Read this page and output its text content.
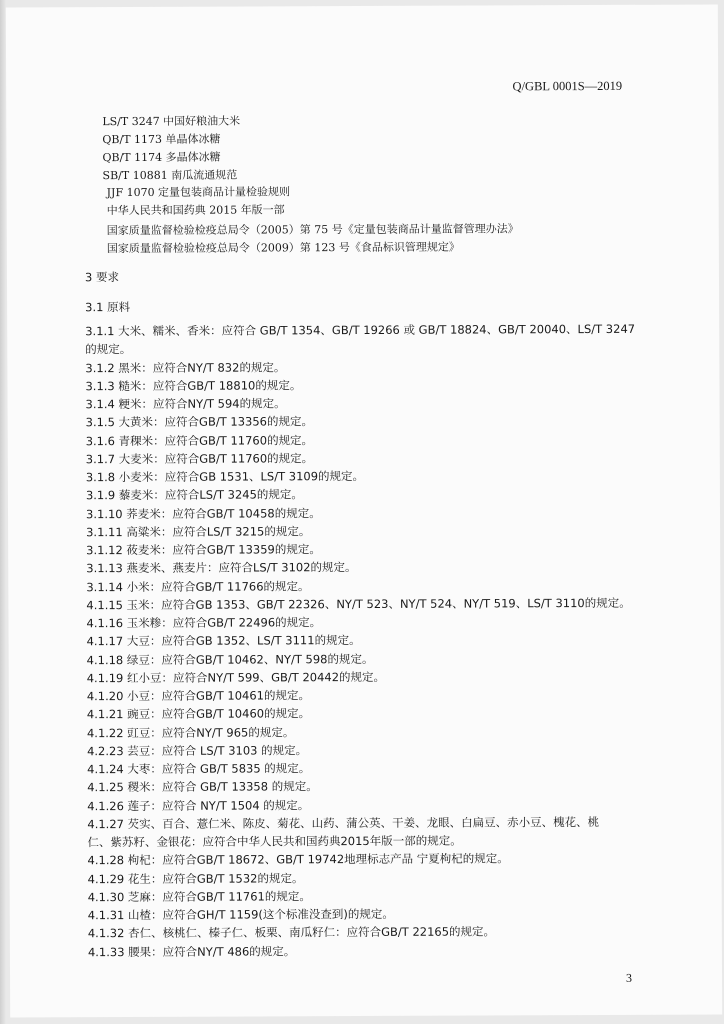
Q/GBL 0001S—2019
LS/T 3247 中国好粮油大米
QB/T 1173 单晶体冰糖
QB/T 1174 多晶体冰糖
SB/T 10881 南瓜流通规范
JJF 1070 定量包装商品计量检验规则
中华人民共和国药典 2015 年版一部
国家质量监督检验检疫总局令（2005）第 75 号《定量包装商品计量监督管理办法》
国家质量监督检验检疫总局令（2009）第 123 号《食品标识管理规定》
3 要求
3.1 原料
3.1.1 大米、糯米、香米：应符合 GB/T 1354、GB/T 19266 或 GB/T 18824、GB/T 20040、LS/T 3247
的规定。
3.1.2 黑米：应符合NY/T 832的规定。
3.1.3 糙米：应符合GB/T 18810的规定。
3.1.4 粳米：应符合NY/T 594的规定。
3.1.5 大黄米：应符合GB/T 13356的规定。
3.1.6 青稞米：应符合GB/T 11760的规定。
3.1.7 大麦米：应符合GB/T 11760的规定。
3.1.8 小麦米：应符合GB 1531、LS/T 3109的规定。
3.1.9 藜麦米：应符合LS/T 3245的规定。
3.1.10 荞麦米：应符合GB/T 10458的规定。
3.1.11 高粱米：应符合LS/T 3215的规定。
3.1.12 莜麦米：应符合GB/T 13359的规定。
3.1.13 燕麦米、燕麦片：应符合LS/T 3102的规定。
3.1.14 小米：应符合GB/T 11766的规定。
4.1.15 玉米：应符合GB 1353、GB/T 22326、NY/T 523、NY/T 524、NY/T 519、LS/T 3110的规定。
4.1.16 玉米糁：应符合GB/T 22496的规定。
4.1.17 大豆：应符合GB 1352、LS/T 3111的规定。
4.1.18 绿豆：应符合GB/T 10462、NY/T 598的规定。
4.1.19 红小豆：应符合NY/T 599、GB/T 20442的规定。
4.1.20 小豆：应符合GB/T 10461的规定。
4.1.21 豌豆：应符合GB/T 10460的规定。
4.1.22 豇豆：应符合NY/T 965的规定。
4.2.23 芸豆：应符合 LS/T 3103 的规定。
4.1.24 大枣：应符合 GB/T 5835 的规定。
4.1.25 稷米：应符合 GB/T 13358 的规定。
4.1.26 莲子：应符合 NY/T 1504 的规定。
4.1.27 芡实、百合、薏仁米、陈皮、菊花、山药、蒲公英、干姜、龙眼、白扁豆、赤小豆、槐花、桃
仁、紫苏籽、金银花：应符合中华人民共和国药典2015年版一部的规定。
4.1.28 枸杞：应符合GB/T 18672、GB/T 19742地理标志产品 宁夏枸杞的规定。
4.1.29 花生：应符合GB/T 1532的规定。
4.1.30 芝麻：应符合GB/T 11761的规定。
4.1.31 山楂：应符合GH/T 1159(这个标准没查到)的规定。
4.1.32 杏仁、核桃仁、榛子仁、板栗、南瓜籽仁：应符合GB/T 22165的规定。
4.1.33 腰果：应符合NY/T 486的规定。
3
